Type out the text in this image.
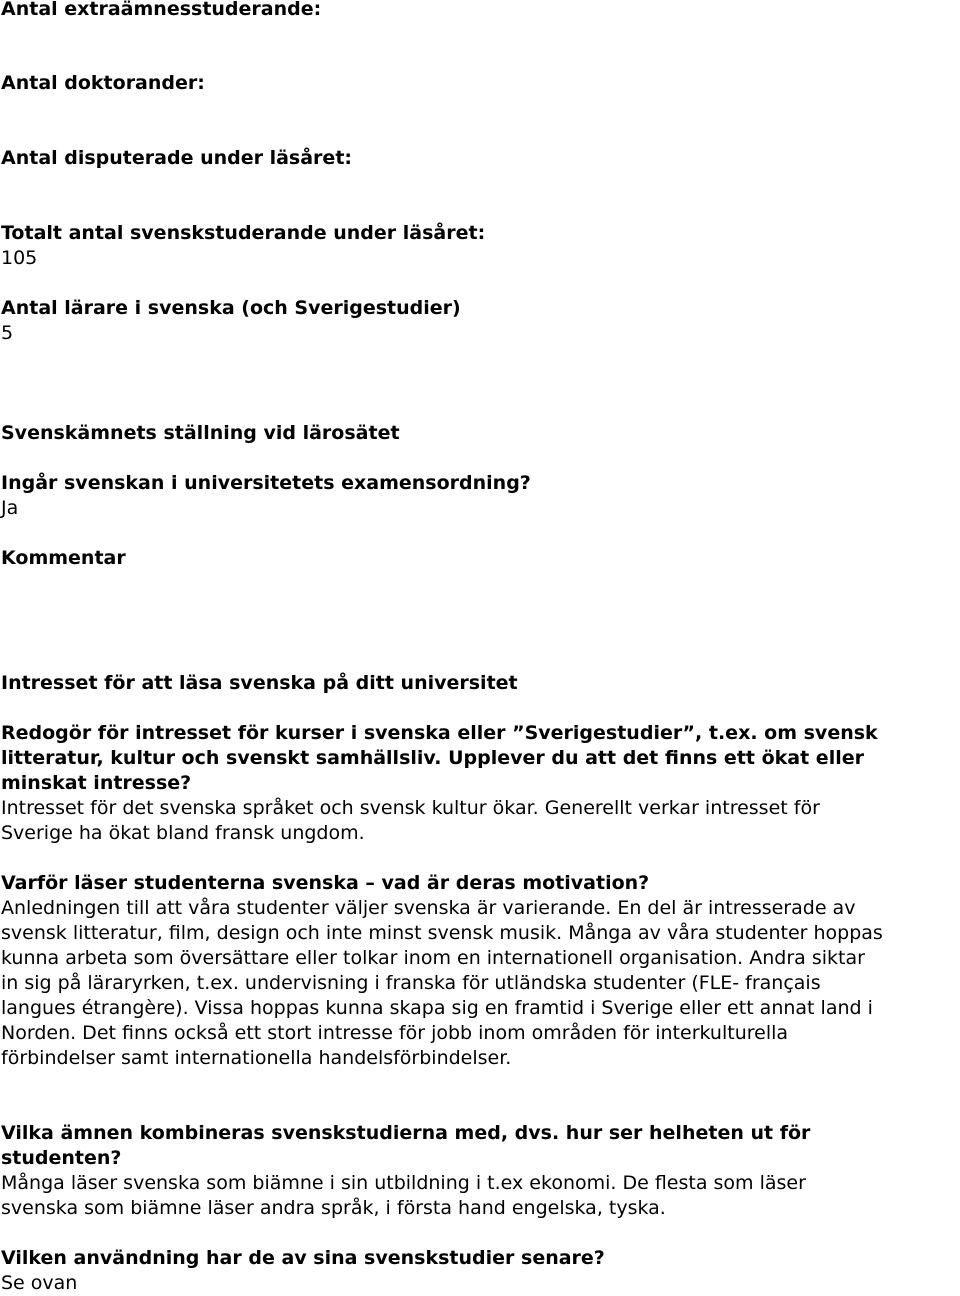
Antal extraämnesstuderande:

Antal doktorander:

Antal disputerade under läsåret:

Totalt antal svenskstuderande under läsåret:

105

Antal lärare i svenska (och Sverigestudier)

5

Svenskämnets ställning vid lärosätet

Ingår svenskan i universitetets examensordning?

Ja

Kommentar

Intresset för att läsa svenska på ditt universitet

Redogör för intresset för kurser i svenska eller ”Sverigestudier”, t.ex. om svensk

litteratur, kultur och svenskt samhällsliv. Upplever du att det finns ett ökat eller

minskat intresse?

Intresset för det svenska språket och svensk kultur ökar. Generellt verkar intresset för

Sverige ha ökat bland fransk ungdom.

Varför läser studenterna svenska – vad är deras motivation?

Anledningen till att våra studenter väljer svenska är varierande. En del är intresserade av

svensk litteratur, film, design och inte minst svensk musik. Många av våra studenter hoppas

kunna arbeta som översättare eller tolkar inom en internationell organisation. Andra siktar

in sig på läraryrken, t.ex. undervisning i franska för utländska studenter (FLE- français

langues étrangère). Vissa hoppas kunna skapa sig en framtid i Sverige eller ett annat land i

Norden. Det finns också ett stort intresse för jobb inom områden för interkulturella

förbindelser samt internationella handelsförbindelser.

Vilka ämnen kombineras svenskstudierna med, dvs. hur ser helheten ut för

studenten?

Många läser svenska som biämne i sin utbildning i t.ex ekonomi. De flesta som läser

svenska som biämne läser andra språk, i första hand engelska, tyska.

Vilken användning har de av sina svenskstudier senare?

Se ovan
